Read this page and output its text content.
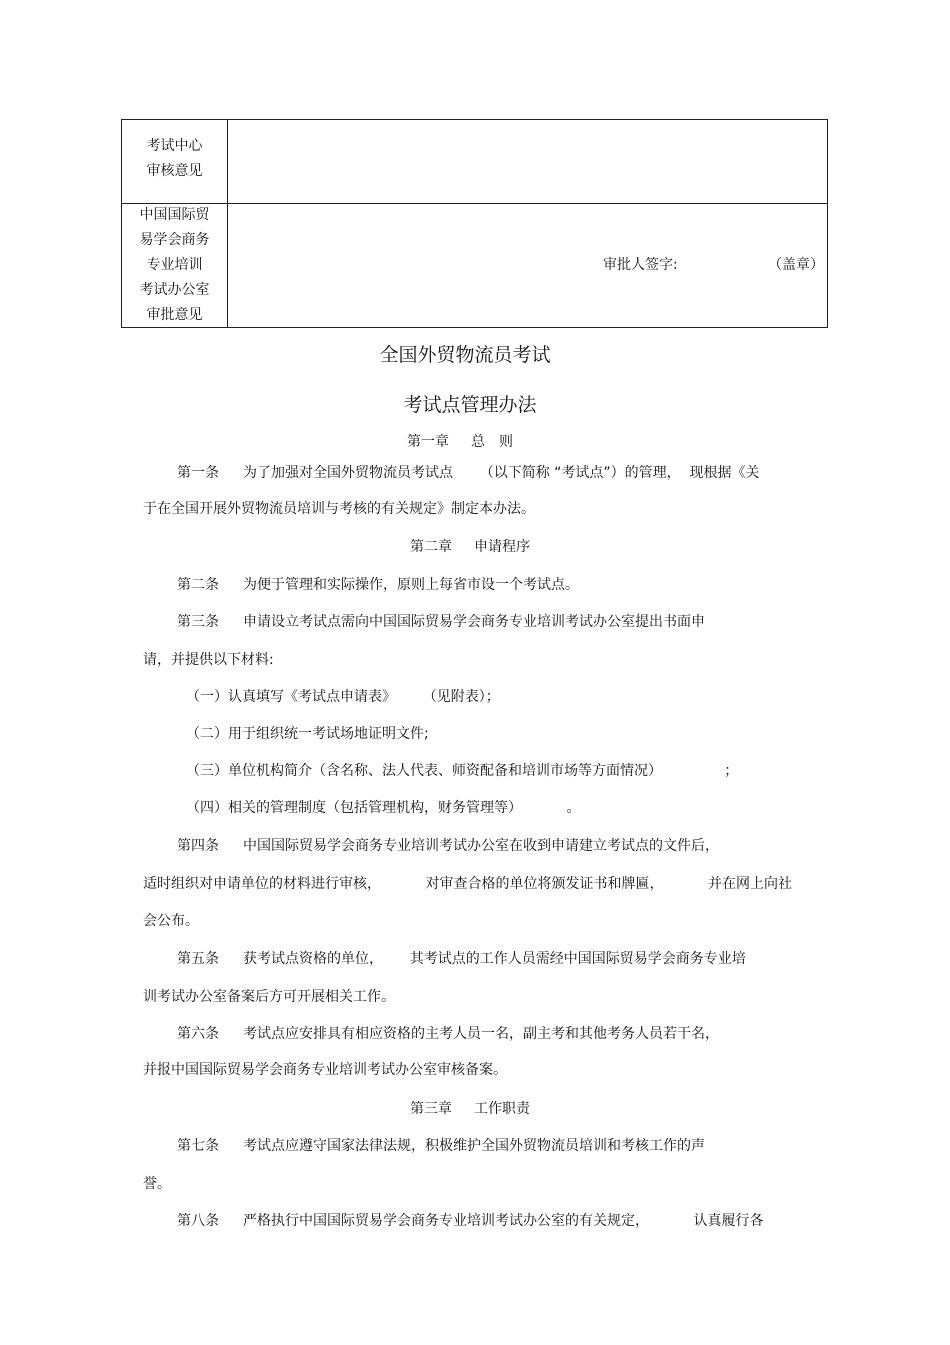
考试中心
审核意见
中国国际贸
易学会商务
专业培训
考试办公室
审批意见
审批人签字:	（盖章）
全国外贸物流员考试
考试点管理办法
第一章 总 则
第一条 为了加强对全国外贸物流员考试点      （以下简称 “考试点”）的管理，  现根据《关
于在全国开展外贸物流员培训与考核的有关规定》制定本办法。
第二章 申请程序
第二条 为便于管理和实际操作，原则上每省市设一个考试点。
第三条 申请设立考试点需向中国国际贸易学会商务专业培训考试办公室提出书面申
请，并提供以下材料:
（一）认真填写《考试点申请表》      （见附表）；
（二）用于组织统一考试场地证明文件;
（三）单位机构简介（含名称、法人代表、师资配备和培训市场等方面情况）              ；
（四）相关的管理制度（包括管理机构，财务管理等）          。
第四条 中国国际贸易学会商务专业培训考试办公室在收到申请建立考试点的文件后，
适时组织对申请单位的材料进行审核，          对审查合格的单位将颁发证书和牌匾，          并在网上向社
会公布。
第五条 获考试点资格的单位，      其考试点的工作人员需经中国国际贸易学会商务专业培
训考试办公室备案后方可开展相关工作。
第六条 考试点应安排具有相应资格的主考人员一名，副主考和其他考务人员若干名，
并报中国国际贸易学会商务专业培训考试办公室审核备案。
第三章 工作职责
第七条 考试点应遵守国家法律法规，积极维护全国外贸物流员培训和考核工作的声
誉。
第八条 严格执行中国国际贸易学会商务专业培训考试办公室的有关规定，          认真履行各
